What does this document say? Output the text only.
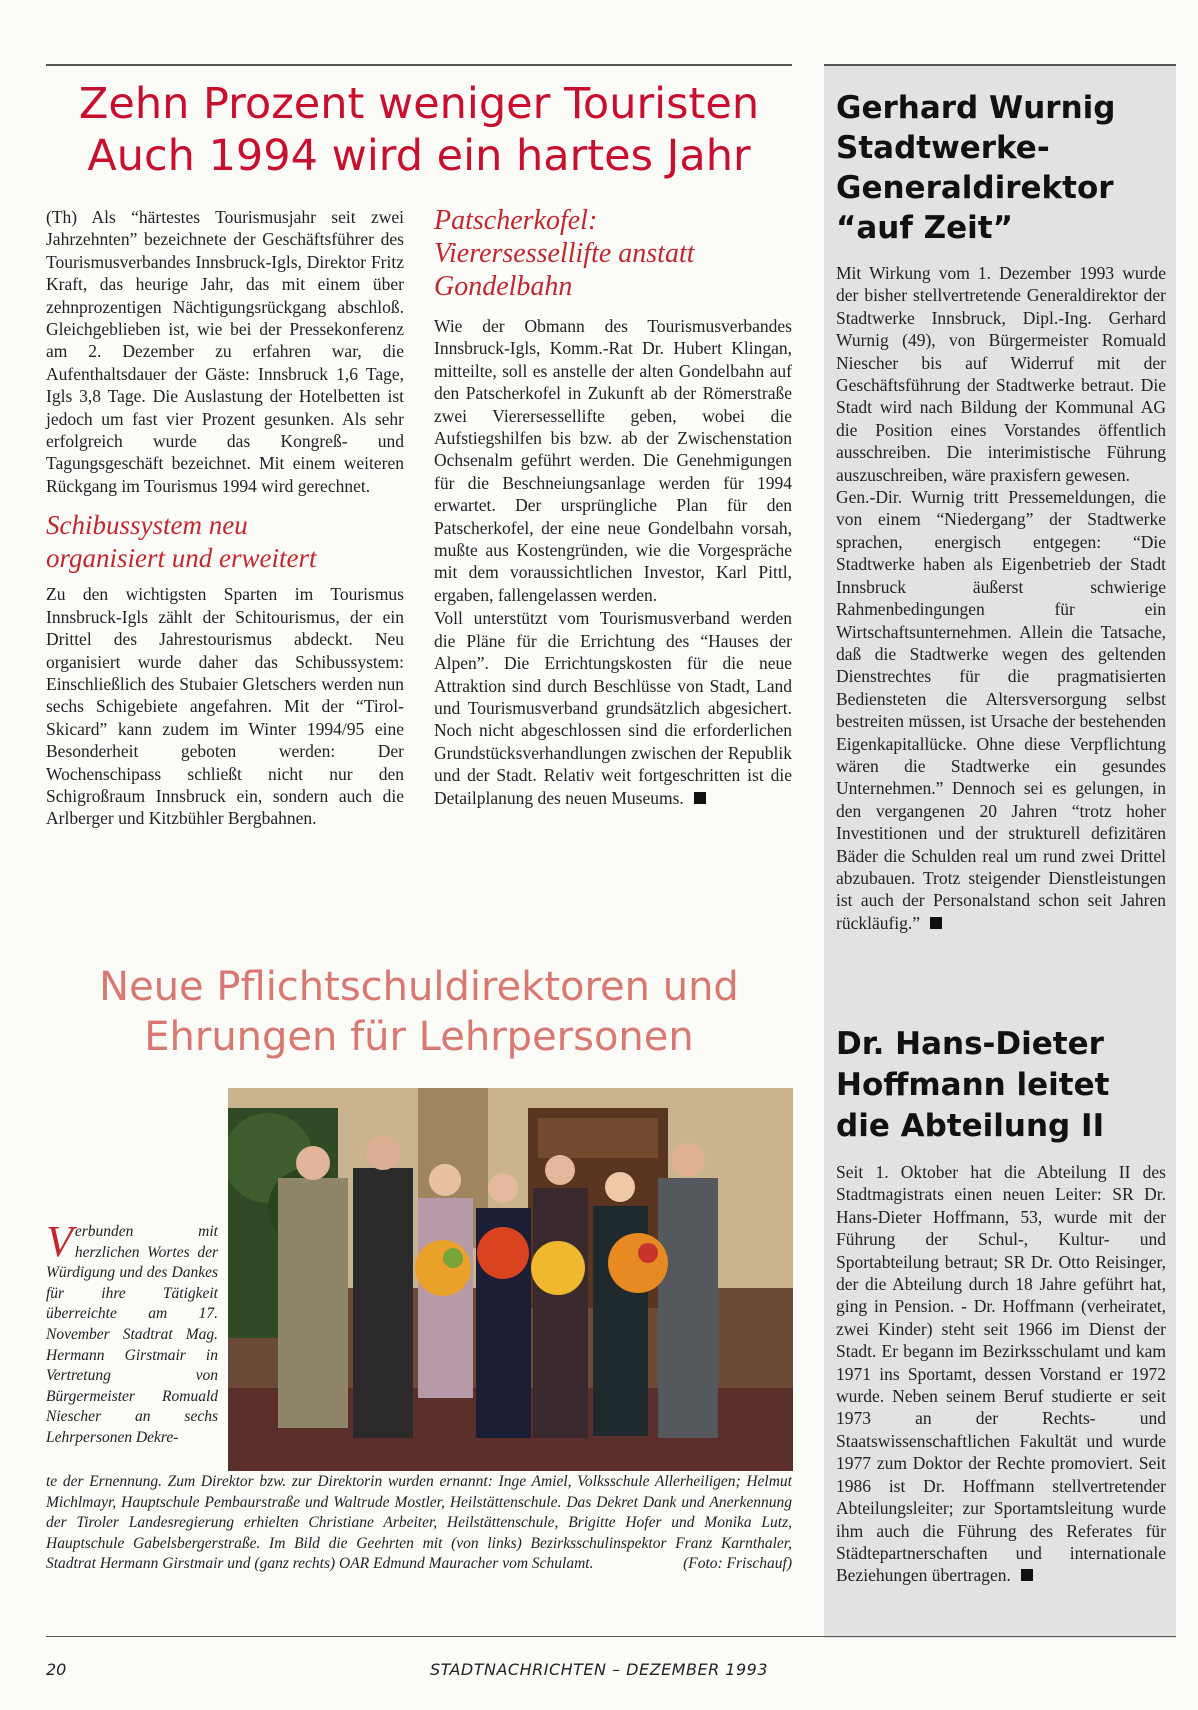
Zehn Prozent weniger Touristen
Auch 1994 wird ein hartes Jahr

(Th) Als “härtestes Tourismusjahr seit zwei Jahrzehnten” bezeichnete der Geschäftsführer des Tourismusverbandes Innsbruck-Igls, Direktor Fritz Kraft, das heurige Jahr, das mit einem über zehnprozentigen Nächtigungsrückgang abschloß. Gleichgeblieben ist, wie bei der Pressekonferenz am 2. Dezember zu erfahren war, die Aufenthaltsdauer der Gäste: Innsbruck 1,6 Tage, Igls 3,8 Tage. Die Auslastung der Hotelbetten ist jedoch um fast vier Prozent gesunken. Als sehr erfolgreich wurde das Kongreß- und Tagungsgeschäft bezeichnet. Mit einem weiteren Rückgang im Tourismus 1994 wird gerechnet.

Schibussystem neu
organisiert und erweitert

Zu den wichtigsten Sparten im Tourismus Innsbruck-Igls zählt der Schitourismus, der ein Drittel des Jahrestourismus abdeckt. Neu organisiert wurde daher das Schibussystem: Einschließlich des Stubaier Gletschers werden nun sechs Schigebiete angefahren. Mit der “Tirol-Skicard” kann zudem im Winter 1994/95 eine Besonderheit geboten werden: Der Wochenschipass schließt nicht nur den Schigroßraum Innsbruck ein, sondern auch die Arlberger und Kitzbühler Bergbahnen.

Patscherkofel:
Vierersessellifte anstatt
Gondelbahn

Wie der Obmann des Tourismusverbandes Innsbruck-Igls, Komm.-Rat Dr. Hubert Klingan, mitteilte, soll es anstelle der alten Gondelbahn auf den Patscherkofel in Zukunft ab der Römerstraße zwei Vierersessellifte geben, wobei die Aufstiegshilfen bis bzw. ab der Zwischenstation Ochsenalm geführt werden. Die Genehmigungen für die Beschneiungsanlage werden für 1994 erwartet. Der ursprüngliche Plan für den Patscherkofel, der eine neue Gondelbahn vorsah, mußte aus Kostengründen, wie die Vorgespräche mit dem voraussichtlichen Investor, Karl Pittl, ergaben, fallengelassen werden.

Voll unterstützt vom Tourismusverband werden die Pläne für die Errichtung des “Hauses der Alpen”. Die Errichtungskosten für die neue Attraktion sind durch Beschlüsse von Stadt, Land und Tourismusverband grundsätzlich abgesichert. Noch nicht abgeschlossen sind die erforderlichen Grundstücksverhandlungen zwischen der Republik und der Stadt. Relativ weit fortgeschritten ist die Detailplanung des neuen Museums.

Neue Pflichtschuldirektoren und
Ehrungen für Lehrpersonen
Verbunden mit herzlichen Wortes der Würdigung und des Dankes für ihre Tätigkeit überreichte am 17. November Stadtrat Mag. Hermann Girstmair in Vertretung von Bürgermeister Romuald Niescher an sechs Lehrpersonen Dekre-
te der Ernennung. Zum Direktor bzw. zur Direktorin wurden ernannt: Inge Amiel, Volksschule Allerheiligen; Helmut Michlmayr, Hauptschule Pembaurstraße und Waltrude Mostler, Heilstättenschule. Das Dekret Dank und Anerkennung der Tiroler Landesregierung erhielten Christiane Arbeiter, Heilstättenschule, Brigitte Hofer und Monika Lutz, Hauptschule Gabelsbergerstraße. Im Bild die Geehrten mit (von links) Bezirksschulinspektor Franz Karnthaler, Stadtrat Hermann Girstmair und (ganz rechts) OAR Edmund Mauracher vom Schulamt.	(Foto: Frischauf)
Gerhard Wurnig
Stadtwerke-
Generaldirektor
“auf Zeit”

Mit Wirkung vom 1. Dezember 1993 wurde der bisher stellvertretende Generaldirektor der Stadtwerke Innsbruck, Dipl.-Ing. Gerhard Wurnig (49), von Bürgermeister Romuald Niescher bis auf Widerruf mit der Geschäftsführung der Stadtwerke betraut. Die Stadt wird nach Bildung der Kommunal AG die Position eines Vorstandes öffentlich ausschreiben. Die interimistische Führung auszuschreiben, wäre praxisfern gewesen.

Gen.-Dir. Wurnig tritt Pressemeldungen, die von einem “Niedergang” der Stadtwerke sprachen, energisch entgegen: “Die Stadtwerke haben als Eigenbetrieb der Stadt Innsbruck äußerst schwierige Rahmenbedingungen für ein Wirtschaftsunternehmen. Allein die Tatsache, daß die Stadtwerke wegen des geltenden Dienstrechtes für die pragmatisierten Bediensteten die Altersversorgung selbst bestreiten müssen, ist Ursache der bestehenden Eigenkapitallücke. Ohne diese Verpflichtung wären die Stadtwerke ein gesundes Unternehmen.” Dennoch sei es gelungen, in den vergangenen 20 Jahren “trotz hoher Investitionen und der strukturell defizitären Bäder die Schulden real um rund zwei Drittel abzubauen. Trotz steigender Dienstleistungen ist auch der Personalstand schon seit Jahren rückläufig.”

Dr. Hans-Dieter
Hoffmann leitet
die Abteilung II

Seit 1. Oktober hat die Abteilung II des Stadtmagistrats einen neuen Leiter: SR Dr. Hans-Dieter Hoffmann, 53, wurde mit der Führung der Schul-, Kultur- und Sportabteilung betraut; SR Dr. Otto Reisinger, der die Abteilung durch 18 Jahre geführt hat, ging in Pension. - Dr. Hoffmann (verheiratet, zwei Kinder) steht seit 1966 im Dienst der Stadt. Er begann im Bezirksschulamt und kam 1971 ins Sportamt, dessen Vorstand er 1972 wurde. Neben seinem Beruf studierte er seit 1973 an der Rechts- und Staatswissenschaftlichen Fakultät und wurde 1977 zum Doktor der Rechte promoviert. Seit 1986 ist Dr. Hoffmann stellvertretender Abteilungsleiter; zur Sportamtsleitung wurde ihm auch die Führung des Referates für Städtepartnerschaften und internationale Beziehungen übertragen.

20	STADTNACHRICHTEN – DEZEMBER 1993
